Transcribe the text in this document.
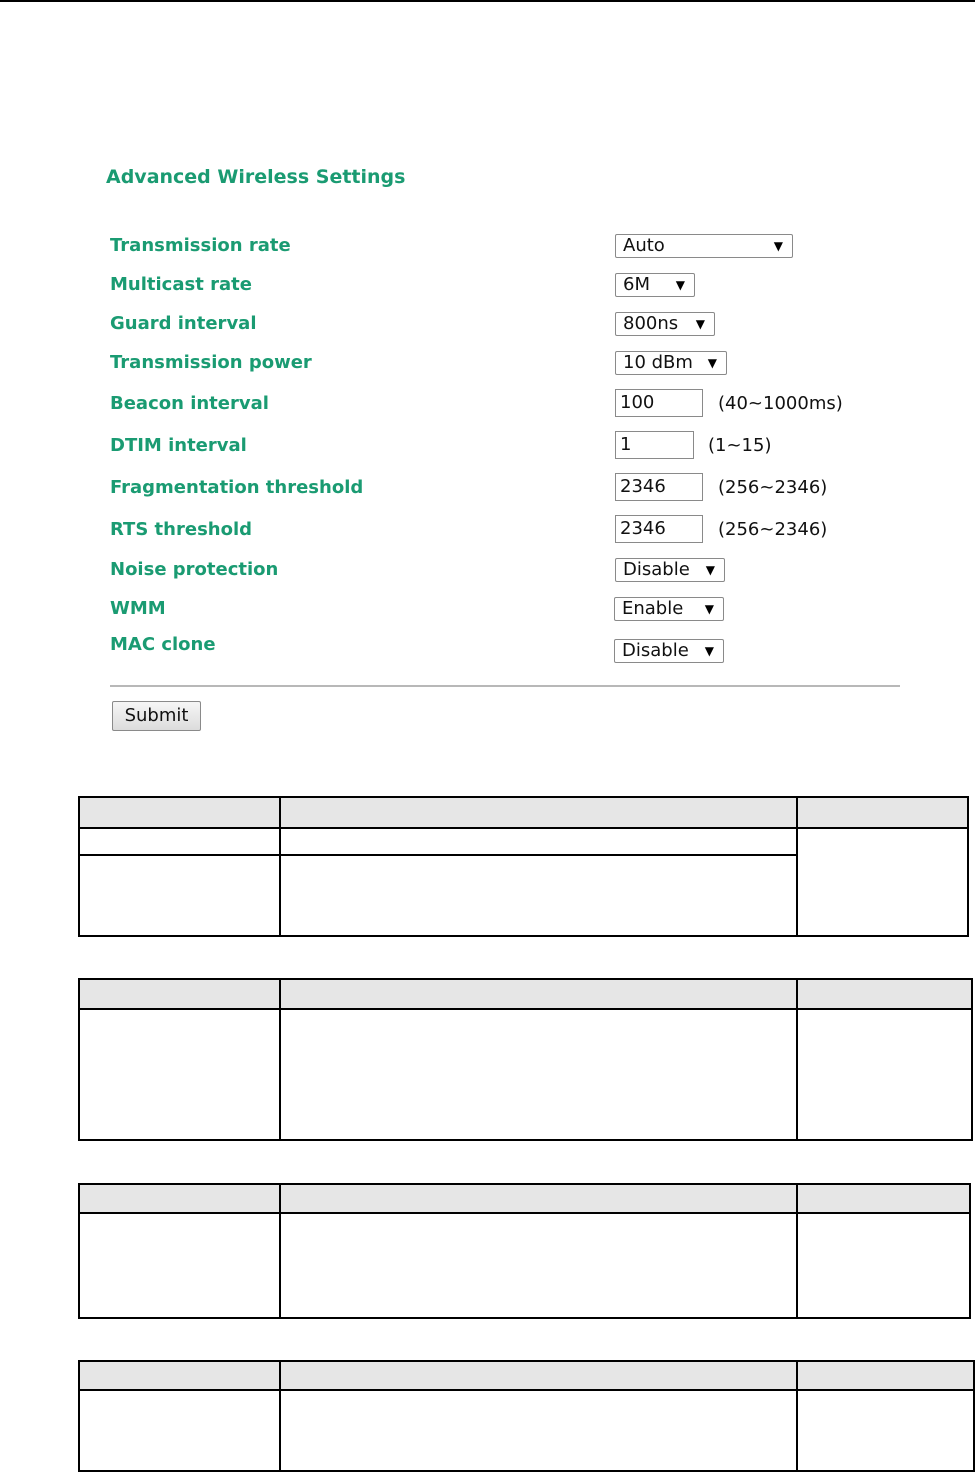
Advanced Wireless Settings
Transmission rate	Auto	▼
Multicast rate	6M ▼
Guard interval	800ns ▼
Transmission power	10 dBm ▼
Beacon interval	100	(40~1000ms)
DTIM interval	1	(1~15)
Fragmentation threshold	2346	(256~2346)
RTS threshold	2346	(256~2346)
Noise protection	Disable ▼
WMM	Enable ▼
MAC clone	Disable ▼
Submit
